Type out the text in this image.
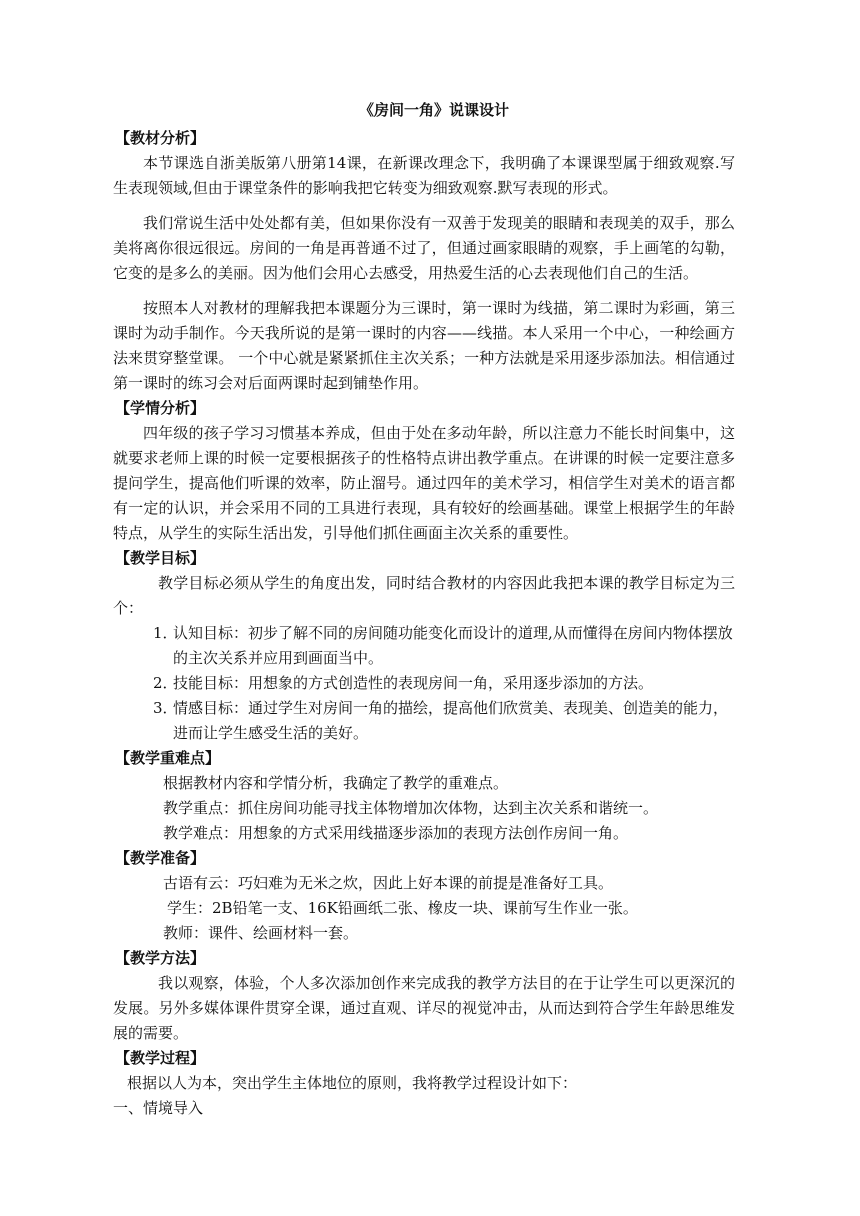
《房间一角》说课设计
【教材分析】

本节课选自浙美版第八册第14课，在新课改理念下，我明确了本课课型属于细致观察.写生表现领域,但由于课堂条件的影响我把它转变为细致观察.默写表现的形式。

我们常说生活中处处都有美，但如果你没有一双善于发现美的眼睛和表现美的双手，那么美将离你很远很远。房间的一角是再普通不过了，但通过画家眼睛的观察，手上画笔的勾勒，它变的是多么的美丽。因为他们会用心去感受，用热爱生活的心去表现他们自己的生活。

按照本人对教材的理解我把本课题分为三课时，第一课时为线描，第二课时为彩画，第三课时为动手制作。今天我所说的是第一课时的内容——线描。本人采用一个中心，一种绘画方法来贯穿整堂课。 一个中心就是紧紧抓住主次关系；一种方法就是采用逐步添加法。相信通过第一课时的练习会对后面两课时起到铺垫作用。

【学情分析】

四年级的孩子学习习惯基本养成，但由于处在多动年龄，所以注意力不能长时间集中，这就要求老师上课的时候一定要根据孩子的性格特点讲出教学重点。在讲课的时候一定要注意多提问学生，提高他们听课的效率，防止溜号。通过四年的美术学习，相信学生对美术的语言都有一定的认识，并会采用不同的工具进行表现，具有较好的绘画基础。课堂上根据学生的年龄特点，从学生的实际生活出发，引导他们抓住画面主次关系的重要性。

【教学目标】

教学目标必须从学生的角度出发，同时结合教材的内容因此我把本课的教学目标定为三个：

1．
认知目标：初步了解不同的房间随功能变化而设计的道理,从而懂得在房间内物体摆放的主次关系并应用到画面当中。
2．
技能目标：用想象的方式创造性的表现房间一角，采用逐步添加的方法。
3．
情感目标：通过学生对房间一角的描绘，提高他们欣赏美、表现美、创造美的能力，进而让学生感受生活的美好。
【教学重难点】

根据教材内容和学情分析，我确定了教学的重难点。

教学重点：抓住房间功能寻找主体物增加次体物，达到主次关系和谐统一。

教学难点：用想象的方式采用线描逐步添加的表现方法创作房间一角。

【教学准备】

古语有云：巧妇难为无米之炊，因此上好本课的前提是准备好工具。

学生：2B铅笔一支、16K铅画纸二张、橡皮一块、课前写生作业一张。

教师：课件、绘画材料一套。

【教学方法】

我以观察，体验，个人多次添加创作来完成我的教学方法目的在于让学生可以更深沉的发展。另外多媒体课件贯穿全课，通过直观、详尽的视觉冲击，从而达到符合学生年龄思维发展的需要。

【教学过程】

根据以人为本，突出学生主体地位的原则，我将教学过程设计如下：

一、情境导入
